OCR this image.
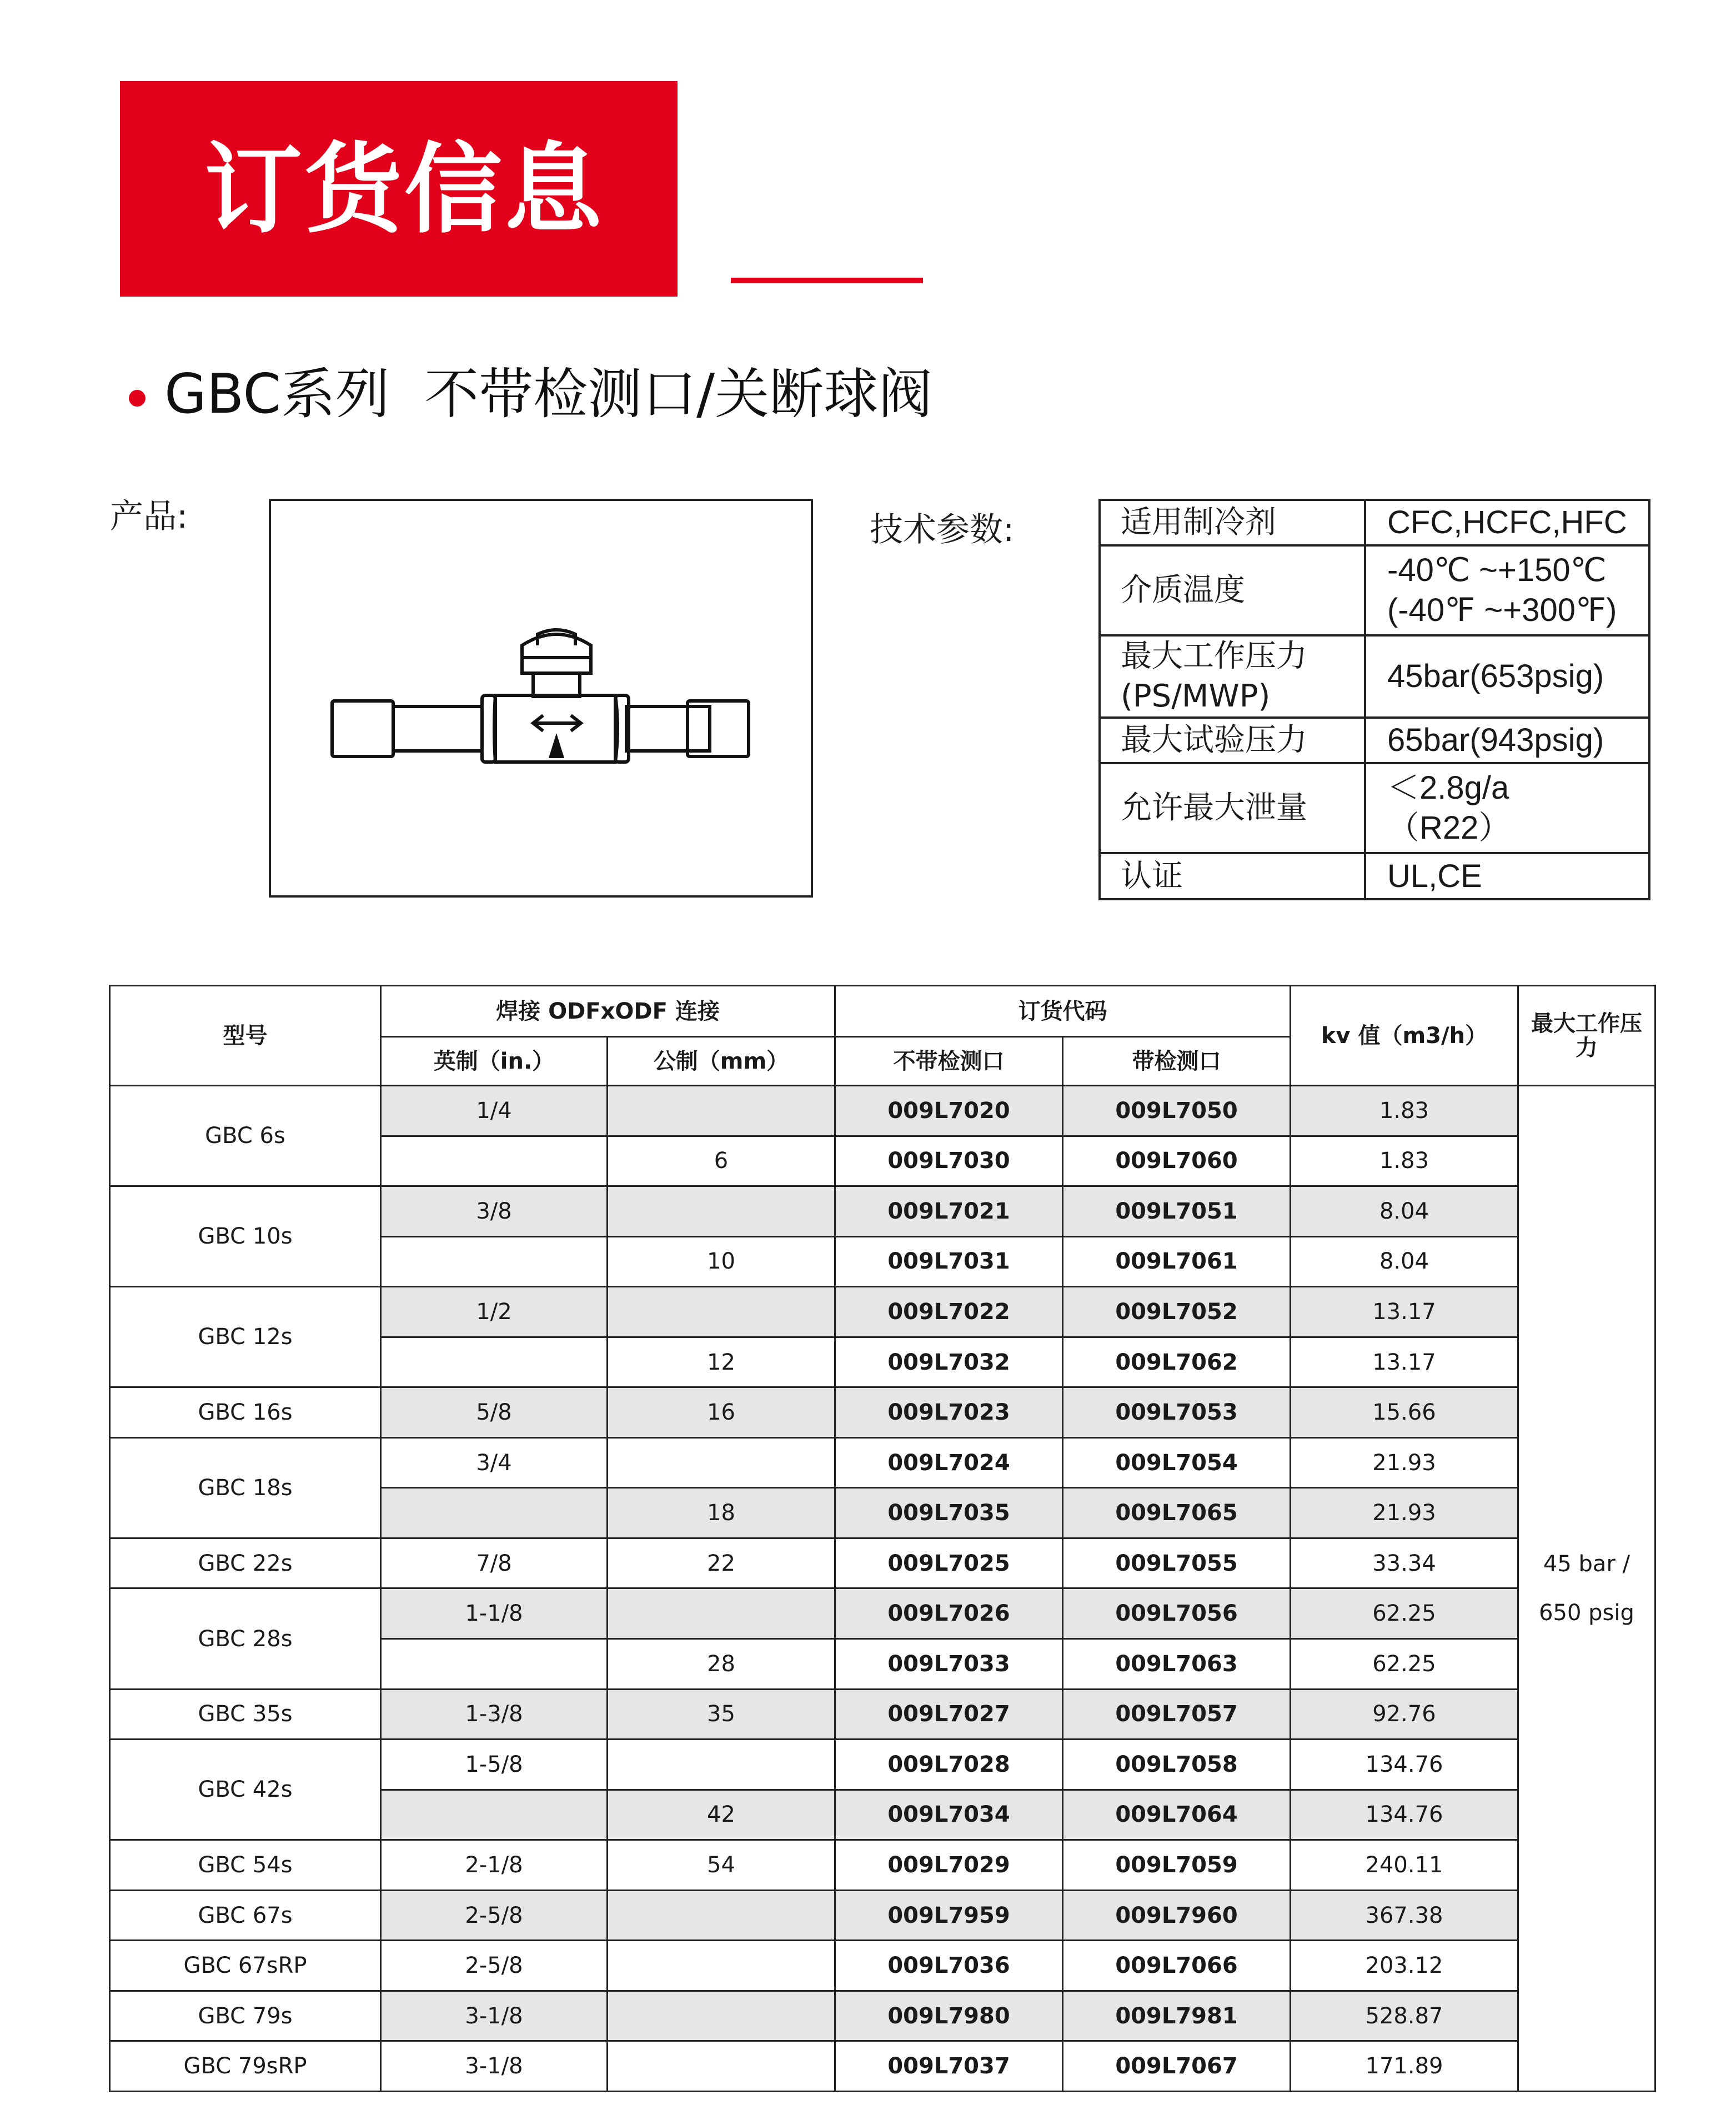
订货信息
GBC系列  不带检测口/关断球阀
产品:	技术参数:	适用制冷剂	CFC,HCFC,HFC
介质温度	-40℃ ~+150℃
(-40℉ ~+300℉)
最大工作压力
(PS/MWP)	45bar(653psig)
最大试验压力	65bar(943psig)
允许最大泄量	＜2.8g/a
（R22）
认证	UL,CE
型号	焊接 ODFxODF 连接		订货代码		kv 值（m3/h）	最大工作压力
	英制（in.）	公制（mm）	不带检测口	带检测口		
GBC 6s	1/4		009L7020	009L7050	1.83	45 bar / 650 psig
		6	009L7030	009L7060	1.83	
GBC 10s	3/8		009L7021	009L7051	8.04	
		10	009L7031	009L7061	8.04	
GBC 12s	1/2		009L7022	009L7052	13.17	
		12	009L7032	009L7062	13.17	
GBC 16s	5/8	16	009L7023	009L7053	15.66	
GBC 18s	3/4		009L7024	009L7054	21.93	
		18	009L7035	009L7065	21.93	
GBC 22s	7/8	22	009L7025	009L7055	33.34	
GBC 28s	1-1/8		009L7026	009L7056	62.25	
		28	009L7033	009L7063	62.25	
GBC 35s	1-3/8	35	009L7027	009L7057	92.76	
GBC 42s	1-5/8		009L7028	009L7058	134.76	
		42	009L7034	009L7064	134.76	
GBC 54s	2-1/8	54	009L7029	009L7059	240.11	
GBC 67s	2-5/8		009L7959	009L7960	367.38	
GBC 67sRP	2-5/8		009L7036	009L7066	203.12	
GBC 79s	3-1/8		009L7980	009L7981	528.87	
GBC 79sRP	3-1/8		009L7037	009L7067	171.89	
